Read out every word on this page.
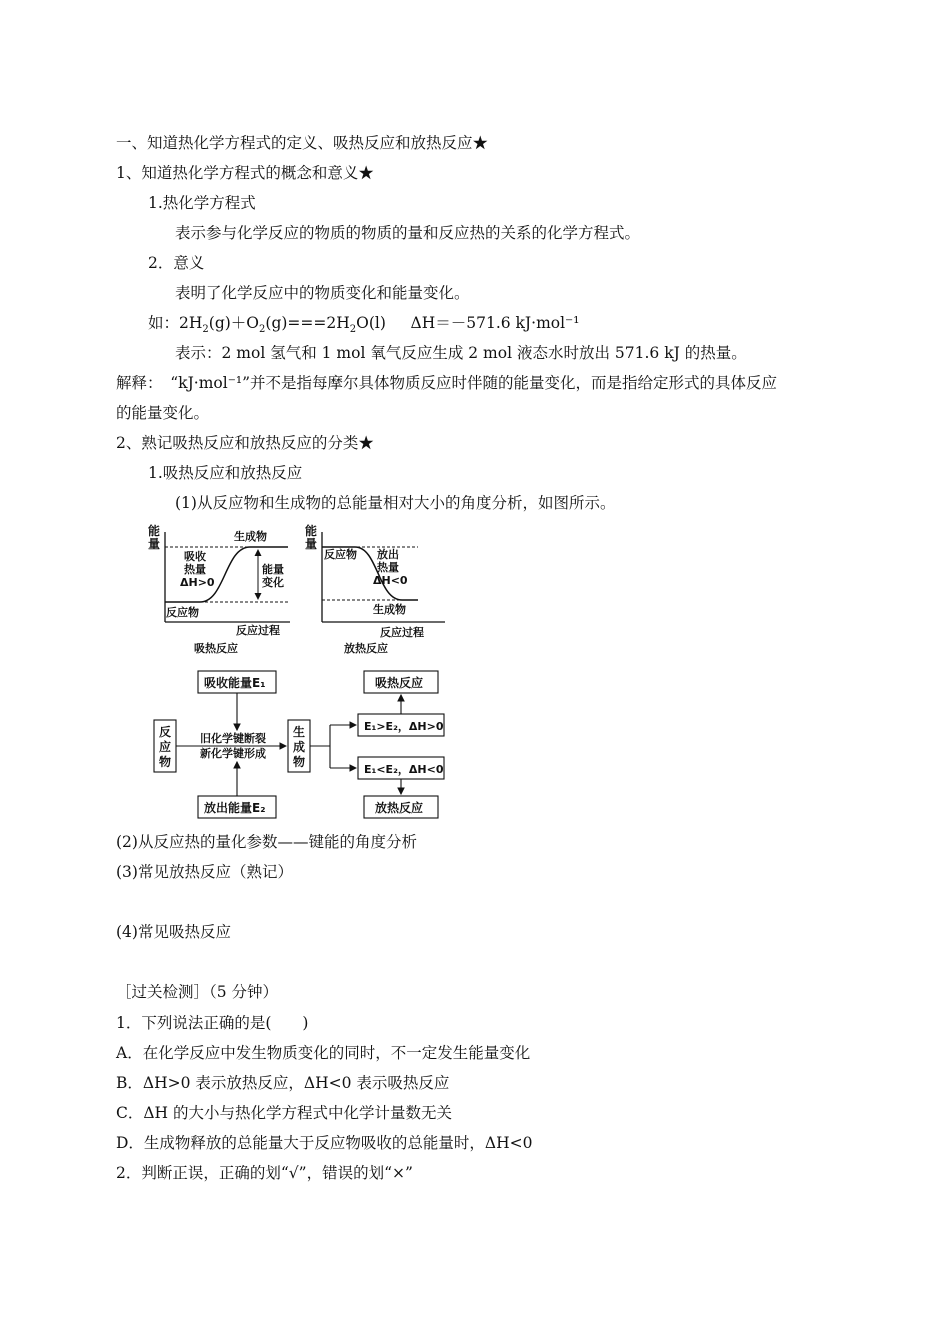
一、知道热化学方程式的定义、吸热反应和放热反应★
1、知道热化学方程式的概念和意义★
1.热化学方程式
表示参与化学反应的物质的物质的量和反应热的关系的化学方程式。
2．意义
表明了化学反应中的物质变化和能量变化。
如：$2H_2(g)+O_2(g)===2H_2O(l)$     ΔH＝－571.6 kJ·mol⁻¹
表示：2 mol 氢气和 1 mol 氧气反应生成 2 mol 液态水时放出 571.6 kJ 的热量。
解释：　“kJ·mol⁻¹”并不是指每摩尔具体物质反应时伴随的能量变化，而是指给定形式的具体反应
的能量变化。
2、熟记吸热反应和放热反应的分类★
1.吸热反应和放热反应
(1)从反应物和生成物的总能量相对大小的角度分析，如图所示。
能
量
生成物
反应物
吸收
热量
ΔH>0
能量
变化
反应过程
吸热反应
能
量
反应物 放出
热量
ΔH<0
生成物
反应过程
放热反应
吸收能量E₁
放出能量E₂
反
应
物
生
成
物
旧化学键断裂
新化学键形成
E₁>E₂，ΔH>0
E₁<E₂，ΔH<0
吸热反应
放热反应
(2)从反应热的量化参数——键能的角度分析
(3)常见放热反应（熟记）
(4)常见吸热反应
［过关检测］（5 分钟）
1．下列说法正确的是(　　)
A．在化学反应中发生物质变化的同时，不一定发生能量变化
B．ΔH>0 表示放热反应，ΔH<0 表示吸热反应
C．ΔH 的大小与热化学方程式中化学计量数无关
D．生成物释放的总能量大于反应物吸收的总能量时，ΔH<0
2．判断正误，正确的划“√”，错误的划“×”
